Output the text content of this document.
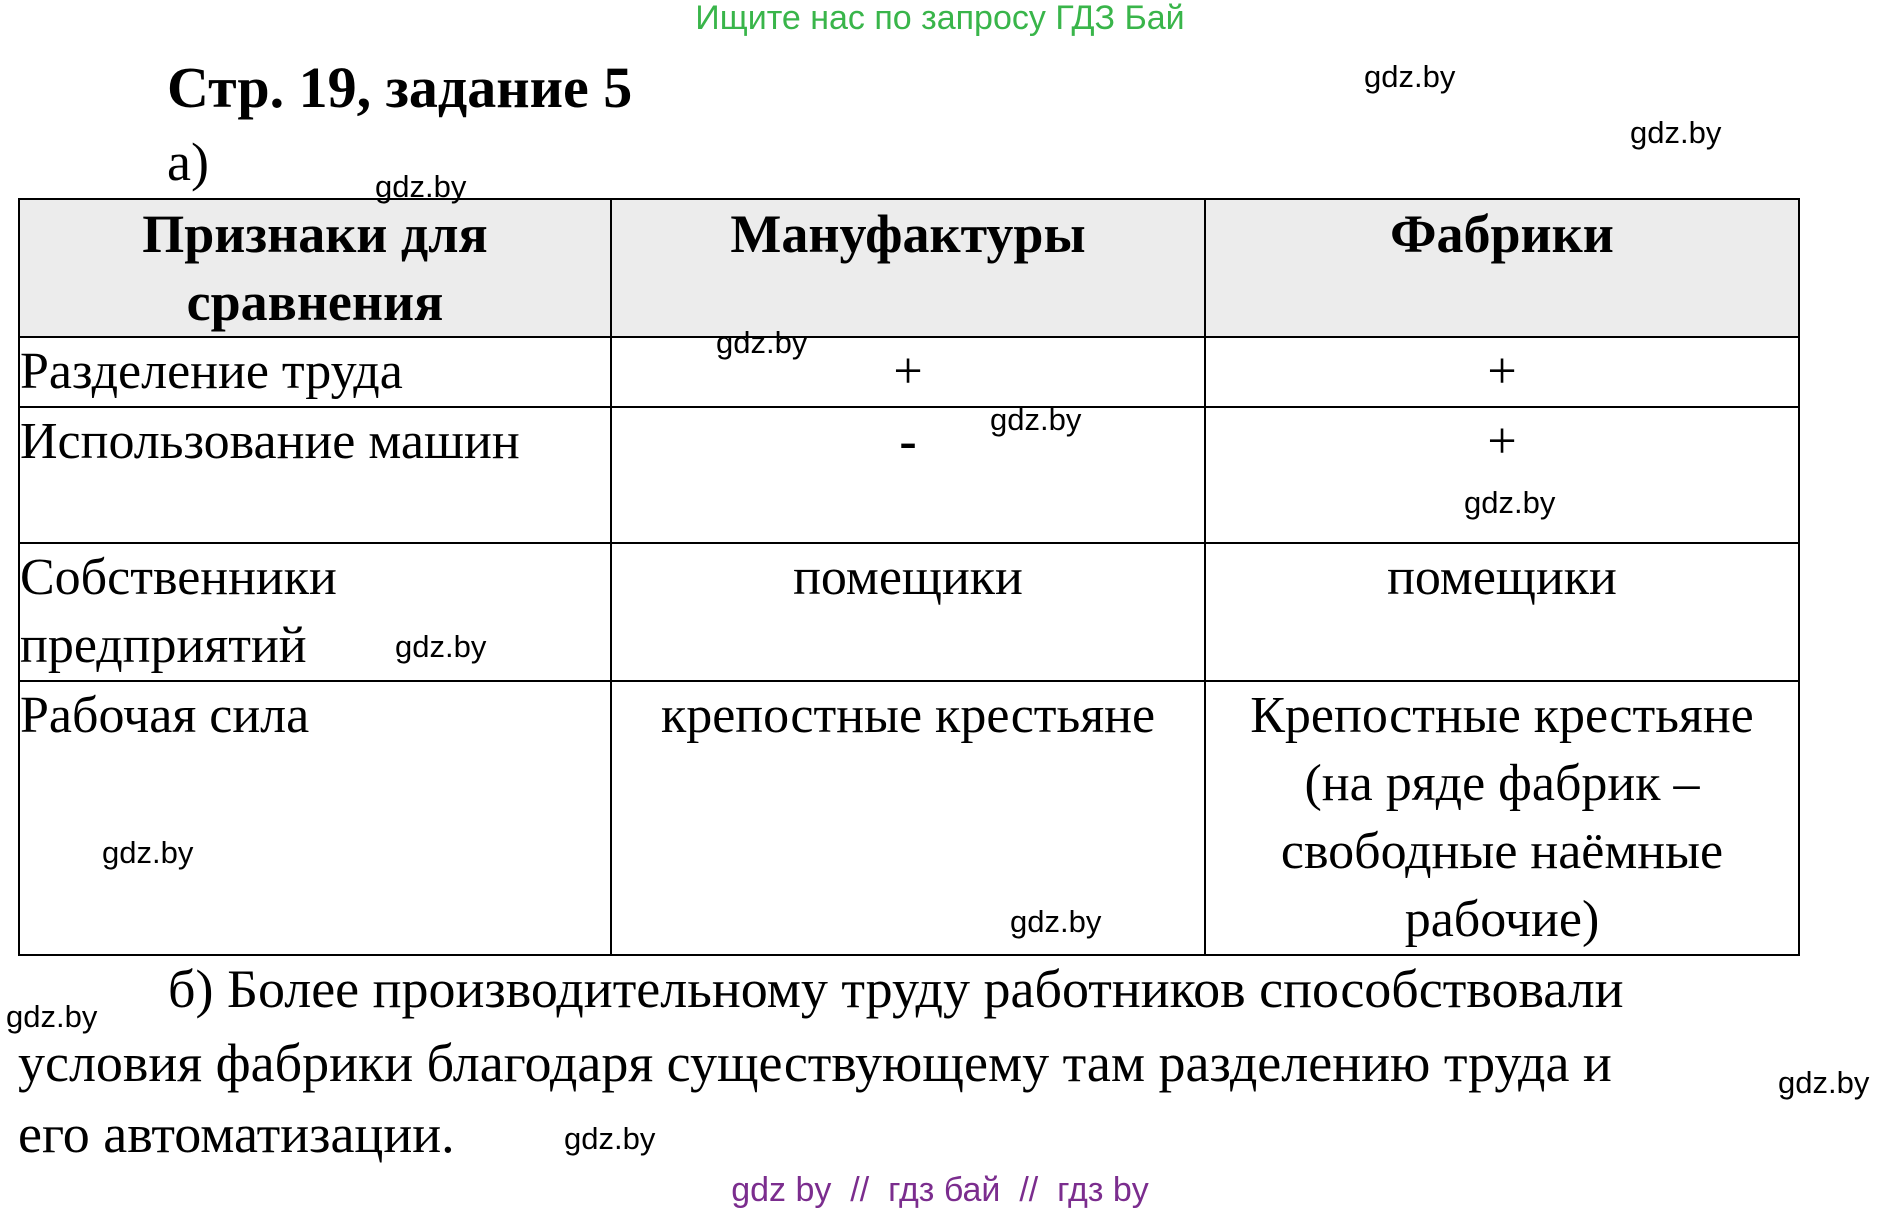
Ищите нас по запросу ГДЗ Бай
Стр. 19, задание 5
а)
Признаки для сравнения	Мануфактуры	Фабрики
Разделение труда	+	+
Использование машин	-	+
Собственники предприятий	помещики	помещики
Рабочая сила	крепостные крестьяне	Крепостные крестьяне (на ряде фабрик – свободные наёмные рабочие)
б) Более производительному труду работников способствовали
условия фабрики благодаря существующему там разделению труда и
его автоматизации.
gdz.by
gdz.by
gdz.by
gdz.by
gdz.by
gdz.by
gdz.by
gdz.by
gdz.by
gdz.by
gdz.by
gdz.by
gdz by  //  гдз бай  //  гдз by
